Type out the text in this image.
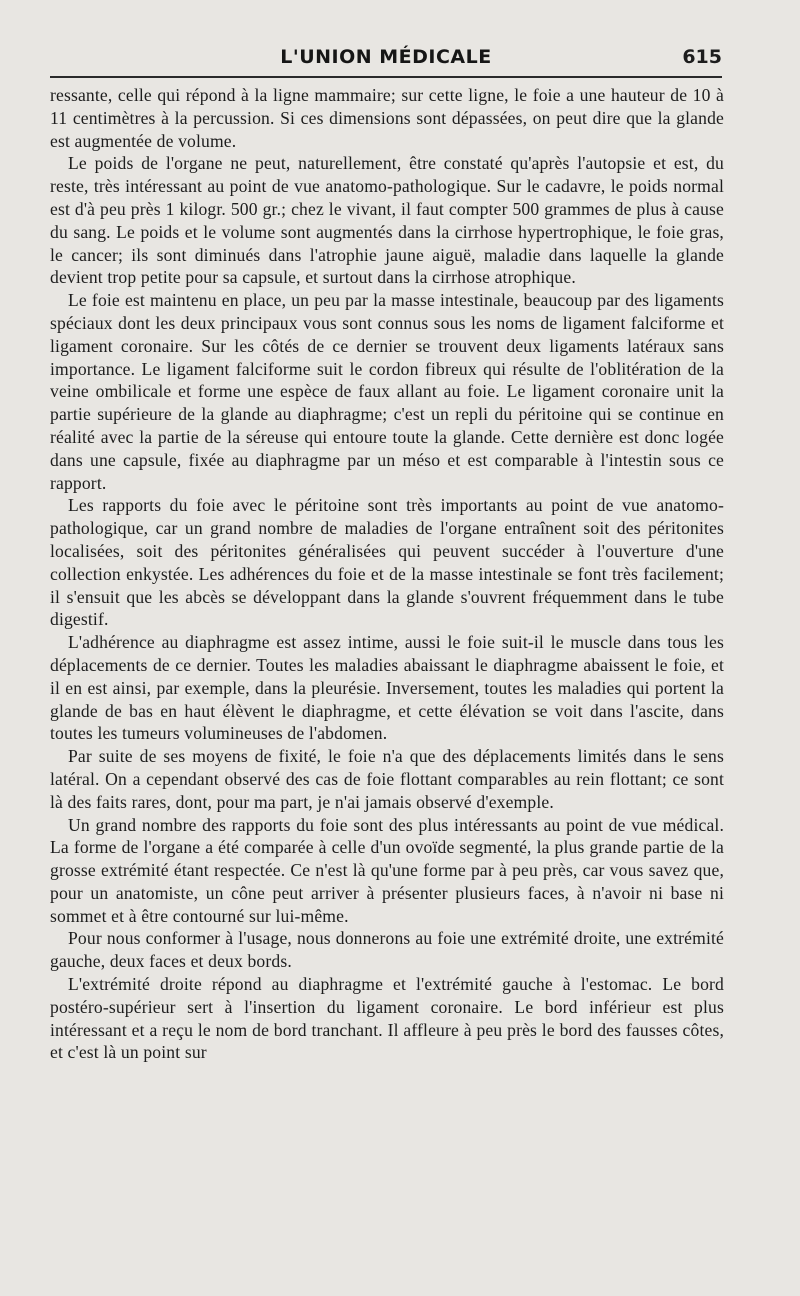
L'UNION MÉDICALE	615

ressante, celle qui répond à la ligne mammaire; sur cette ligne, le foie a une hauteur de 10 à 11 centimètres à la percussion. Si ces dimensions sont dépassées, on peut dire que la glande est augmentée de volume.

Le poids de l'organe ne peut, naturellement, être constaté qu'après l'autopsie et est, du reste, très intéressant au point de vue anatomo-pathologique. Sur le cadavre, le poids normal est d'à peu près 1 kilogr. 500 gr.; chez le vivant, il faut compter 500 grammes de plus à cause du sang. Le poids et le volume sont augmentés dans la cirrhose hypertrophique, le foie gras, le cancer; ils sont diminués dans l'atrophie jaune aiguë, maladie dans laquelle la glande devient trop petite pour sa capsule, et surtout dans la cirrhose atrophique.

Le foie est maintenu en place, un peu par la masse intestinale, beaucoup par des ligaments spéciaux dont les deux principaux vous sont connus sous les noms de ligament falciforme et ligament coronaire. Sur les côtés de ce dernier se trouvent deux ligaments latéraux sans importance. Le ligament falciforme suit le cordon fibreux qui résulte de l'oblitération de la veine ombilicale et forme une espèce de faux allant au foie. Le ligament coronaire unit la partie supérieure de la glande au diaphragme; c'est un repli du péritoine qui se continue en réalité avec la partie de la séreuse qui entoure toute la glande. Cette dernière est donc logée dans une capsule, fixée au diaphragme par un méso et est comparable à l'intestin sous ce rapport.

Les rapports du foie avec le péritoine sont très importants au point de vue anatomo-pathologique, car un grand nombre de maladies de l'organe entraînent soit des péritonites localisées, soit des péritonites généralisées qui peuvent succéder à l'ouverture d'une collection enkystée. Les adhérences du foie et de la masse intestinale se font très facilement; il s'ensuit que les abcès se développant dans la glande s'ouvrent fréquemment dans le tube digestif.

L'adhérence au diaphragme est assez intime, aussi le foie suit-il le muscle dans tous les déplacements de ce dernier. Toutes les maladies abaissant le diaphragme abaissent le foie, et il en est ainsi, par exemple, dans la pleurésie. Inversement, toutes les maladies qui portent la glande de bas en haut élèvent le diaphragme, et cette élévation se voit dans l'ascite, dans toutes les tumeurs volumineuses de l'abdomen.

Par suite de ses moyens de fixité, le foie n'a que des déplacements limités dans le sens latéral. On a cependant observé des cas de foie flottant comparables au rein flottant; ce sont là des faits rares, dont, pour ma part, je n'ai jamais observé d'exemple.

Un grand nombre des rapports du foie sont des plus intéressants au point de vue médical. La forme de l'organe a été comparée à celle d'un ovoïde segmenté, la plus grande partie de la grosse extrémité étant respectée. Ce n'est là qu'une forme par à peu près, car vous savez que, pour un anatomiste, un cône peut arriver à présenter plusieurs faces, à n'avoir ni base ni sommet et à être contourné sur lui-même.

Pour nous conformer à l'usage, nous donnerons au foie une extrémité droite, une extrémité gauche, deux faces et deux bords.

L'extrémité droite répond au diaphragme et l'extrémité gauche à l'estomac. Le bord postéro-supérieur sert à l'insertion du ligament coronaire. Le bord inférieur est plus intéressant et a reçu le nom de bord tranchant. Il affleure à peu près le bord des fausses côtes, et c'est là un point sur
